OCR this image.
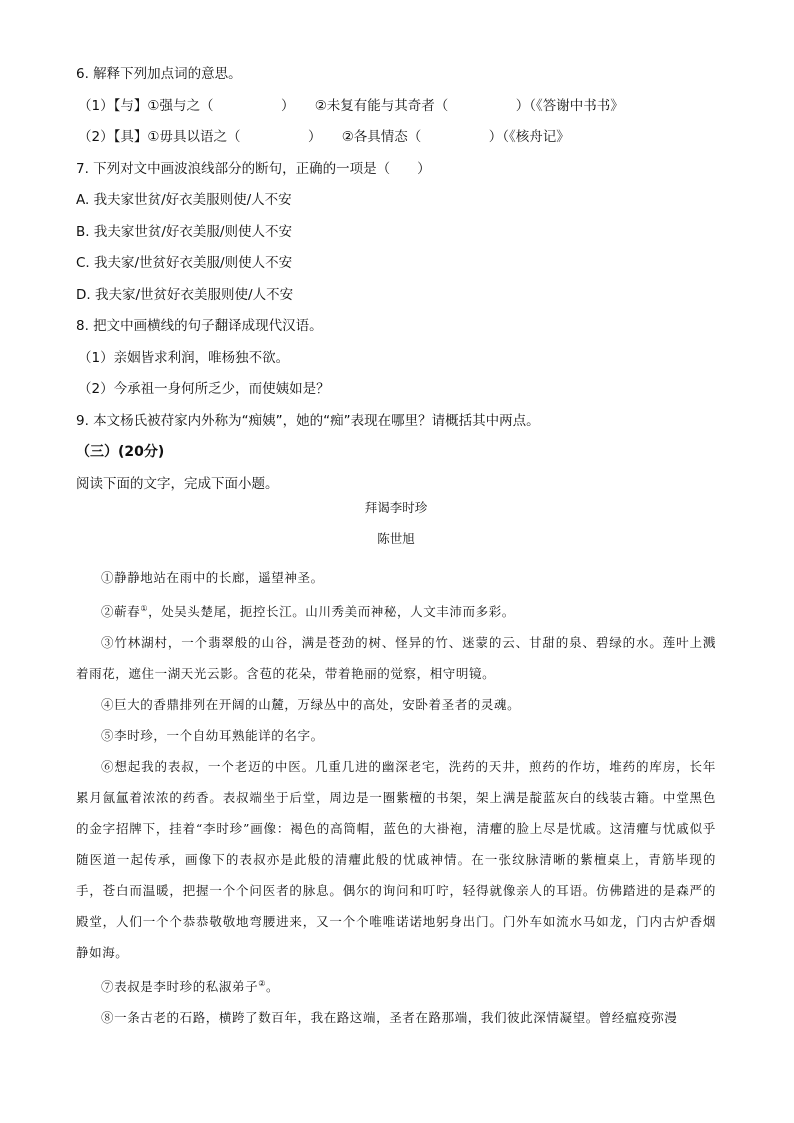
6. 解释下列加点词的意思。
（1）【与】①强与之（　　　　　）　　②未复有能与其奇者（　　　　　）（《答谢中书书》
（2）【具】①毋具以语之（　　　　　）　　②各具情态（　　　　　）（《核舟记》
7. 下列对文中画波浪线部分的断句，正确的一项是（　　）
A. 我夫家世贫/好衣美服则使/人不安
B. 我夫家世贫/好衣美服/则使人不安
C. 我夫家/世贫好衣美服/则使人不安
D. 我夫家/世贫好衣美服则使/人不安
8. 把文中画横线的句子翻译成现代汉语。
（1）亲姻皆求利润，唯杨独不欲。
（2）今承祖一身何所乏少，而使姨如是？
9. 本文杨氏被苻家内外称为“痴姨”，她的“痴”表现在哪里？请概括其中两点。
（三）(20分)
阅读下面的文字，完成下面小题。
拜谒李时珍
陈世旭

①静静地站在雨中的长廊，遥望神圣。

②蕲春①，处吴头楚尾，扼控长江。山川秀美而神秘，人文丰沛而多彩。

③竹林湖村，一个翡翠般的山谷，满是苍劲的树、怪异的竹、迷蒙的云、甘甜的泉、碧绿的水。莲叶上溅着雨花，遮住一湖天光云影。含苞的花朵，带着艳丽的觉察，相守明镜。

④巨大的香鼎排列在开阔的山麓，万绿丛中的高处，安卧着圣者的灵魂。

⑤李时珍，一个自幼耳熟能详的名字。

⑥想起我的表叔，一个老迈的中医。几重几进的幽深老宅，洗药的天井，煎药的作坊，堆药的库房，长年累月氤氲着浓浓的药香。表叔端坐于后堂，周边是一圈紫檀的书架，架上满是靛蓝灰白的线装古籍。中堂黑色的金字招牌下，挂着“李时珍”画像：褐色的高筒帽，蓝色的大褂袍，清癯的脸上尽是忧戚。这清癯与忧戚似乎随医道一起传承，画像下的表叔亦是此般的清癯此般的忧戚神情。在一张纹脉清晰的紫檀桌上，青筋毕现的手，苍白而温暖，把握一个个问医者的脉息。偶尔的询问和叮咛，轻得就像亲人的耳语。仿佛踏进的是森严的殿堂，人们一个个恭恭敬敬地弯腰进来，又一个个唯唯诺诺地躬身出门。门外车如流水马如龙，门内古炉香烟静如海。

⑦表叔是李时珍的私淑弟子②。

⑧一条古老的石路，横跨了数百年，我在路这端，圣者在路那端，我们彼此深情凝望。曾经瘟疫弥漫
